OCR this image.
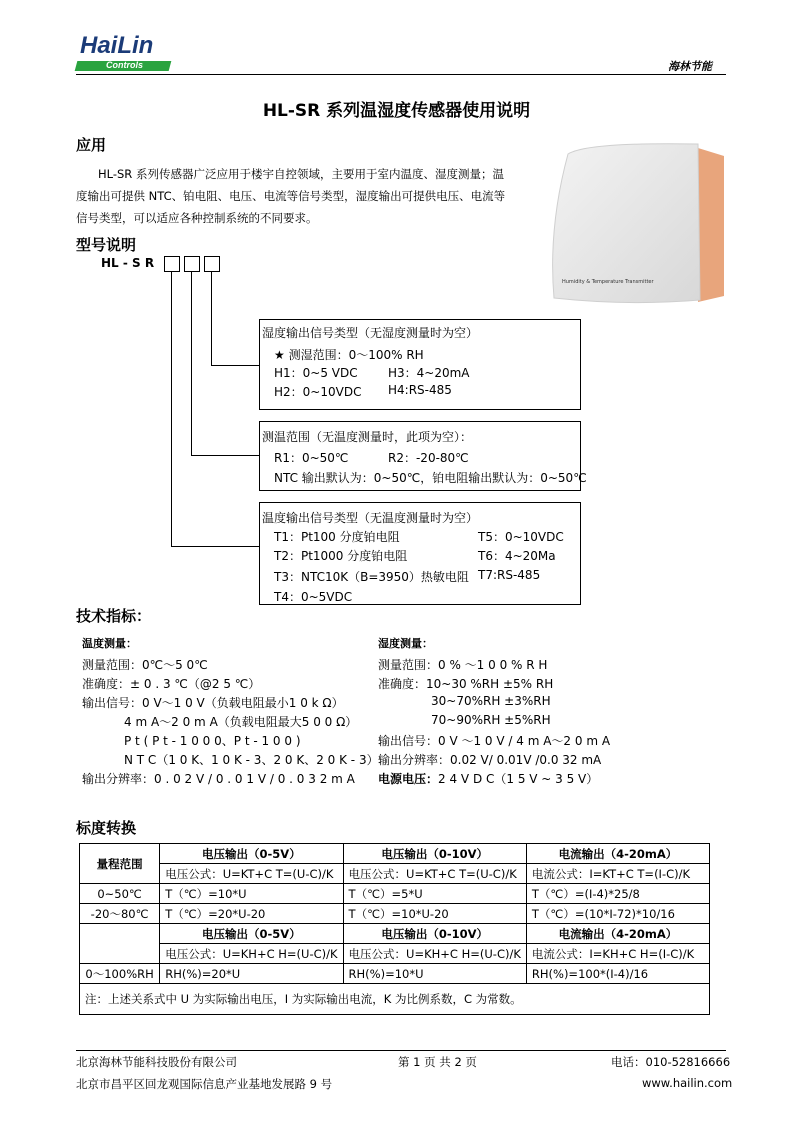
HaiLin
Controls	海林节能
HL-SR 系列温湿度传感器使用说明
应用
HL-SR 系列传感器广泛应用于楼宇自控领域，主要用于室内温度、湿度测量；温
度输出可提供 NTC、铂电阻、电压、电流等信号类型，湿度输出可提供电压、电流等
信号类型，可以适应各种控制系统的不同要求。
Humidity & Temperature Transmitter
型号说明
HL - S R
湿度输出信号类型（无湿度测量时为空）
★ 测湿范围：0～100% RH
H1：0~5 VDC	H3：4~20mA
H2：0~10VDC H4:RS-485
测温范围（无温度测量时，此项为空）：
R1：0~50℃	R2：-20-80℃
NTC 输出默认为：0~50℃，铂电阻输出默认为：0~50℃
温度输出信号类型（无温度测量时为空）
T1：Pt100 分度铂电阻	T5：0~10VDC
T2：Pt1000 分度铂电阻	T6：4~20Ma
T3：NTC10K（B=3950）热敏电阻 T7:RS-485
T4：0~5VDC
技术指标：
温度测量：
测量范围：0℃～5 0℃
准确度：± 0 . 3 ℃（@2 5 ℃）
输出信号：0 V～1 0 V（负载电阻最小1 0 k Ω）
4 m A～2 0 m A（负载电阻最大5 0 0 Ω）
P t ( P t - 1 0 0 0、P t - 1 0 0 )
N T C（1 0 K、1 0 K - 3、2 0 K、2 0 K - 3）
输出分辨率：0 . 0 2 V / 0 . 0 1 V / 0 . 0 3 2 m A
湿度测量：
测量范围：0 % ～1 0 0 % R H
准确度：10~30 %RH ±5% RH
30~70%RH ±3%RH
70~90%RH ±5%RH
输出信号：0 V ～1 0 V / 4 m A～2 0 m A
输出分辨率：0.02 V/ 0.01V /0.0 32 mA
电源电压：2 4 V D C（1 5 V ~ 3 5 V）
标度转换
量程范围	电压输出（0-5V）	电压输出（0-10V）	电流输出（4-20mA）
	电压公式：U=KT+C T=(U-C)/K	电压公式：U=KT+C T=(U-C)/K	电流公式：I=KT+C T=(I-C)/K
0~50℃	T（℃）=10*U	T（℃）=5*U	T（℃）=(I-4)*25/8
-20～80℃	T（℃）=20*U-20	T（℃）=10*U-20	T（℃）=(10*I-72)*10/16
	电压输出（0-5V）	电压输出（0-10V）	电流输出（4-20mA）
	电压公式：U=KH+C H=(U-C)/K	电压公式：U=KH+C H=(U-C)/K	电流公式：I=KH+C H=(I-C)/K
0～100%RH	RH(%)=20*U	RH(%)=10*U	RH(%)=100*(I-4)/16
注：上述关系式中 U 为实际输出电压，I 为实际输出电流，K 为比例系数，C 为常数。			
北京海林节能科技股份有限公司	第 1 页 共 2 页	电话：010-52816666
北京市昌平区回龙观国际信息产业基地发展路 9 号	www.hailin.com
